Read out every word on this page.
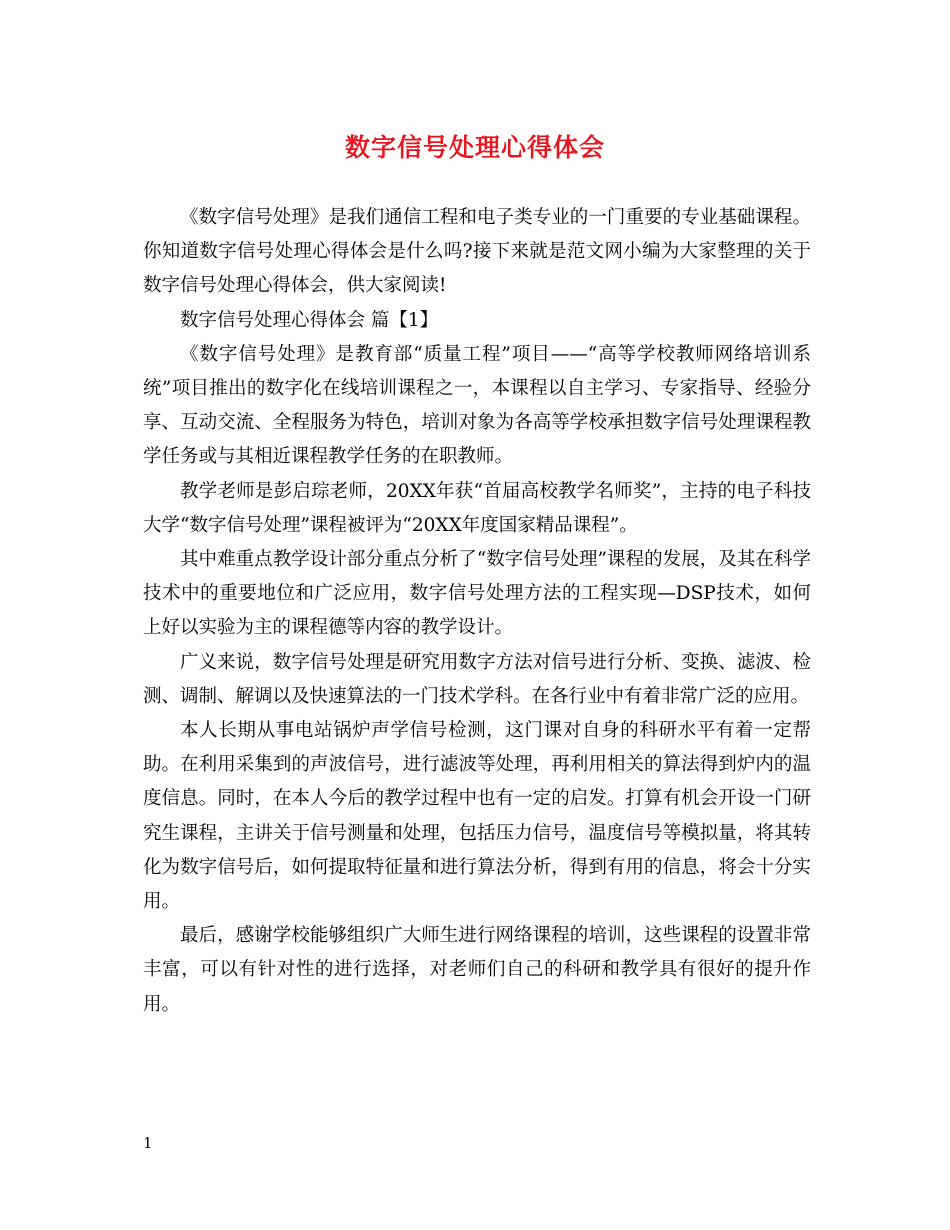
数字信号处理心得体会

《数字信号处理》是我们通信工程和电子类专业的一门重要的专业基础课程。你知道数字信号处理心得体会是什么吗?接下来就是范文网小编为大家整理的关于数字信号处理心得体会，供大家阅读!

数字信号处理心得体会 篇【1】

《数字信号处理》是教育部“质量工程”项目——“高等学校教师网络培训系统”项目推出的数字化在线培训课程之一，本课程以自主学习、专家指导、经验分享、互动交流、全程服务为特色，培训对象为各高等学校承担数字信号处理课程教学任务或与其相近课程教学任务的在职教师。

教学老师是彭启琮老师，20XX年获“首届高校教学名师奖”，主持的电子科技大学“数字信号处理”课程被评为“20XX年度国家精品课程”。

其中难重点教学设计部分重点分析了“数字信号处理”课程的发展，及其在科学技术中的重要地位和广泛应用，数字信号处理方法的工程实现—DSP技术，如何上好以实验为主的课程德等内容的教学设计。

广义来说，数字信号处理是研究用数字方法对信号进行分析、变换、滤波、检测、调制、解调以及快速算法的一门技术学科。在各行业中有着非常广泛的应用。

本人长期从事电站锅炉声学信号检测，这门课对自身的科研水平有着一定帮助。在利用采集到的声波信号，进行滤波等处理，再利用相关的算法得到炉内的温度信息。同时，在本人今后的教学过程中也有一定的启发。打算有机会开设一门研究生课程，主讲关于信号测量和处理，包括压力信号，温度信号等模拟量，将其转化为数字信号后，如何提取特征量和进行算法分析，得到有用的信息，将会十分实用。

最后，感谢学校能够组织广大师生进行网络课程的培训，这些课程的设置非常丰富，可以有针对性的进行选择，对老师们自己的科研和教学具有很好的提升作用。

1
